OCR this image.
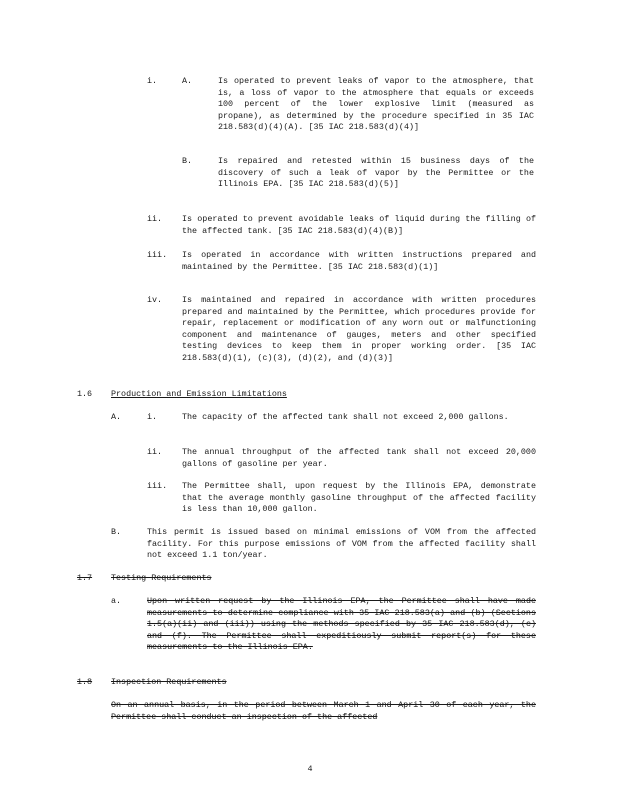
i.	A.	Is operated to prevent leaks of vapor to the atmosphere, that is, a loss of vapor to the atmosphere that equals or exceeds 100 percent of the lower explosive limit (measured as propane), as determined by the procedure specified in 35 IAC 218.583(d)(4)(A). [35 IAC 218.583(d)(4)]
B.	Is repaired and retested within 15 business days of the discovery of such a leak of vapor by the Permittee or the Illinois EPA. [35 IAC 218.583(d)(5)]
ii. Is operated to prevent avoidable leaks of liquid during the filling of the affected tank. [35 IAC 218.583(d)(4)(B)]
iii. Is operated in accordance with written instructions prepared and maintained by the Permittee. [35 IAC 218.583(d)(1)]
iv. Is maintained and repaired in accordance with written procedures prepared and maintained by the Permittee, which procedures provide for repair, replacement or modification of any worn out or malfunctioning component and maintenance of gauges, meters and other specified testing devices to keep them in proper working order. [35 IAC 218.583(d)(1), (c)(3), (d)(2), and (d)(3)]
1.6 Production and Emission Limitations
A.	i.	The capacity of the affected tank shall not exceed 2,000 gallons.
ii. The annual throughput of the affected tank shall not exceed 20,000 gallons of gasoline per year.
iii. The Permittee shall, upon request by the Illinois EPA, demonstrate that the average monthly gasoline throughput of the affected facility is less than 10,000 gallon.
B.	This permit is issued based on minimal emissions of VOM from the affected facility. For this purpose emissions of VOM from the affected facility shall not exceed 1.1 ton/year.
1.7 Testing Requirements
a.	Upon written request by the Illinois EPA, the Permittee shall have made measurements to determine compliance with 35 IAC 218.583(a) and (b) (Sections 1.5(a)(ii) and (iii)) using the methods specified by 35 IAC 218.583(d), (c) and (f). The Permittee shall expeditiously submit report(s) for these measurements to the Illinois EPA.
1.8 Inspection Requirements
On an annual basis, in the period between March 1 and April 30 of each year, the Permittee shall conduct an inspection of the affected
4
